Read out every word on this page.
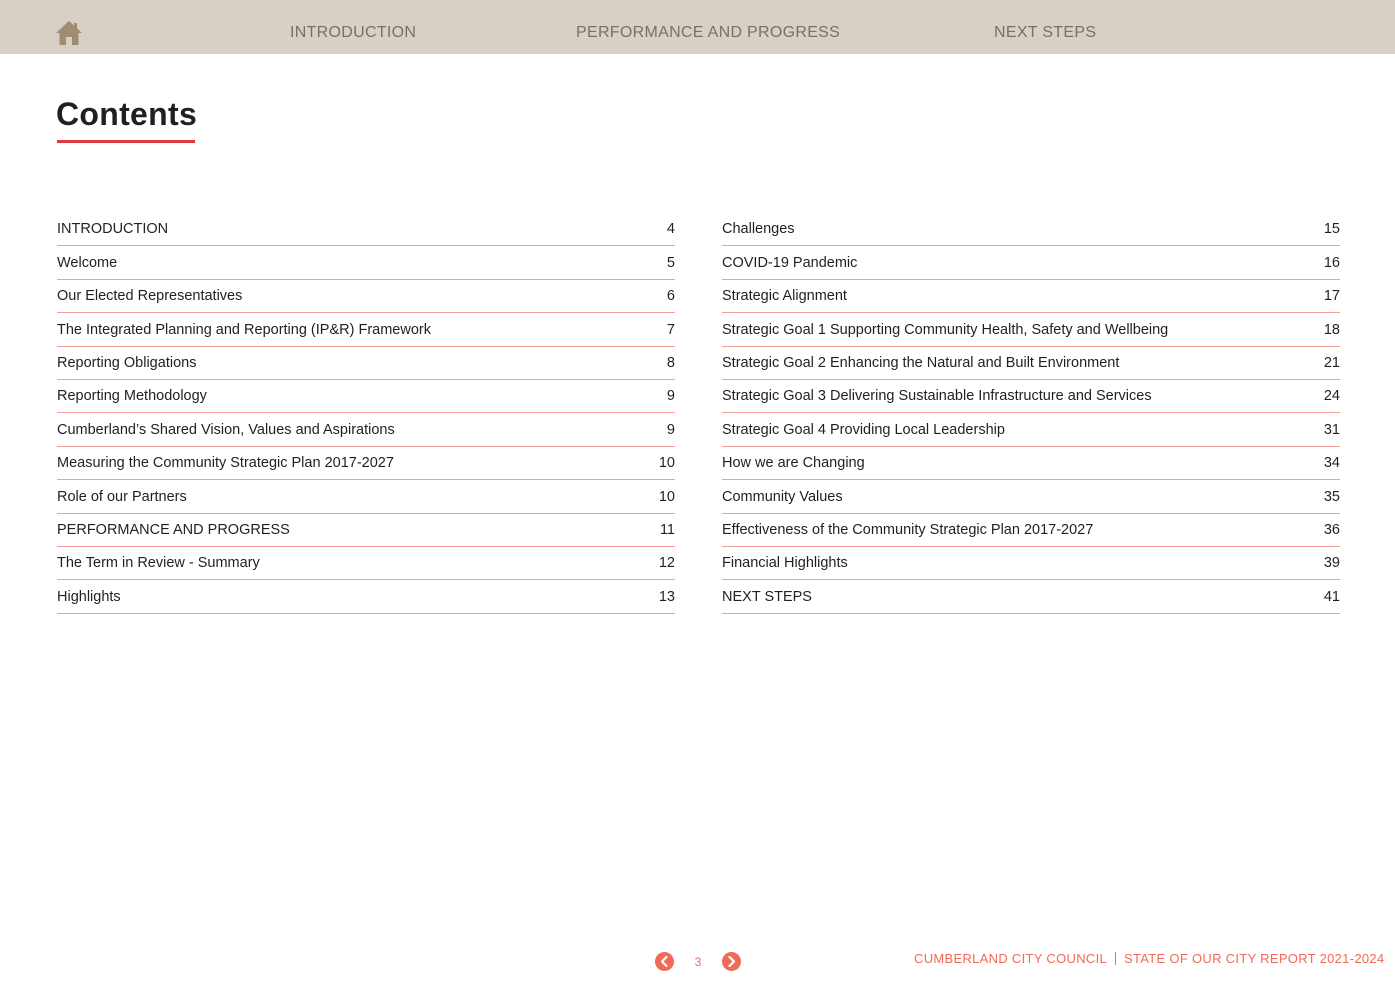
INTRODUCTION	PERFORMANCE AND PROGRESS	NEXT STEPS
Contents
INTRODUCTION	4
Welcome	5
Our Elected Representatives	6
The Integrated Planning and Reporting (IP&R) Framework	7
Reporting Obligations	8
Reporting Methodology	9
Cumberland’s Shared Vision, Values and Aspirations	9
Measuring the Community Strategic Plan 2017-2027	10
Role of our Partners	10
PERFORMANCE AND PROGRESS	11
The Term in Review - Summary	12
Highlights	13
Challenges	15
COVID-19 Pandemic	16
Strategic Alignment	17
Strategic Goal 1 Supporting Community Health, Safety and Wellbeing	18
Strategic Goal 2 Enhancing the Natural and Built Environment	21
Strategic Goal 3 Delivering Sustainable Infrastructure and Services	24
Strategic Goal 4 Providing Local Leadership	31
How we are Changing	34
Community Values	35
Effectiveness of the Community Strategic Plan 2017-2027	36
Financial Highlights	39
NEXT STEPS	41
3	CUMBERLAND CITY COUNCIL STATE OF OUR CITY REPORT 2021-2024
